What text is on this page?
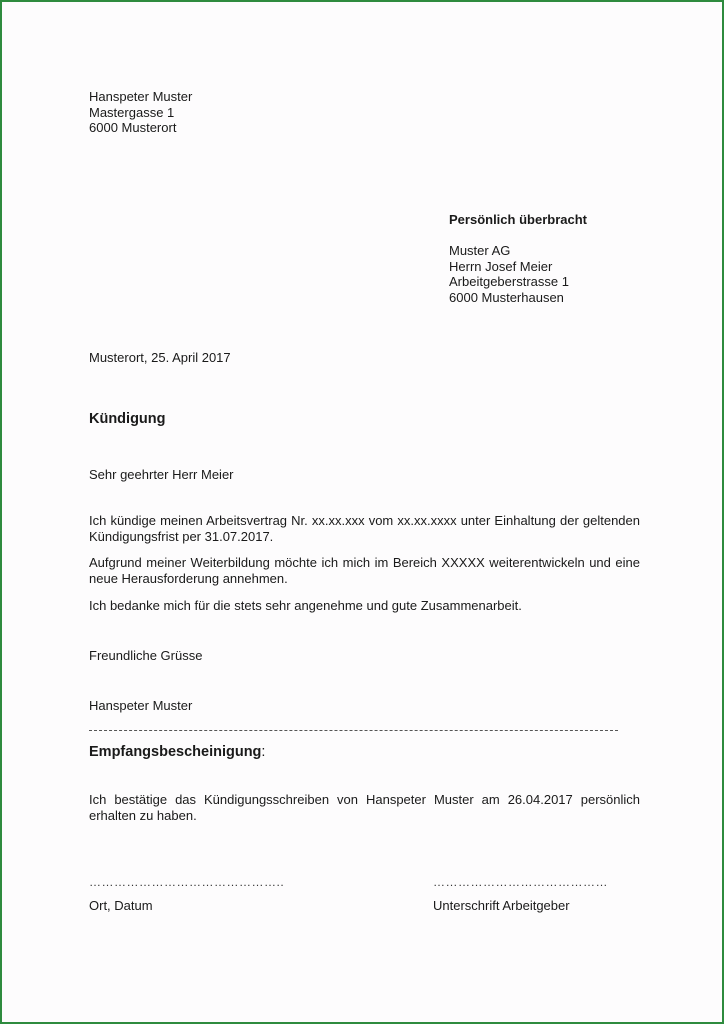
Hanspeter Muster
Mastergasse 1
6000 Musterort
Persönlich überbracht
Muster AG
Herrn Josef Meier
Arbeitgeberstrasse 1
6000 Musterhausen
Musterort, 25. April 2017
Kündigung
Sehr geehrter Herr Meier

Ich kündige meinen Arbeitsvertrag Nr. xx.xx.xxx vom xx.xx.xxxx unter Einhaltung der geltenden Kündigungsfrist per 31.07.2017.

Aufgrund meiner Weiterbildung möchte ich mich im Bereich XXXXX weiterentwickeln und eine neue Herausforderung annehmen.

Ich bedanke mich für die stets sehr angenehme und gute Zusammenarbeit.
Freundliche Grüsse
Hanspeter Muster
Empfangsbescheinigung:

Ich bestätige das Kündigungsschreiben von Hanspeter Muster am 26.04.2017 persönlich erhalten zu haben.

………………………………………..	……………………………………
Ort, Datum	Unterschrift Arbeitgeber
